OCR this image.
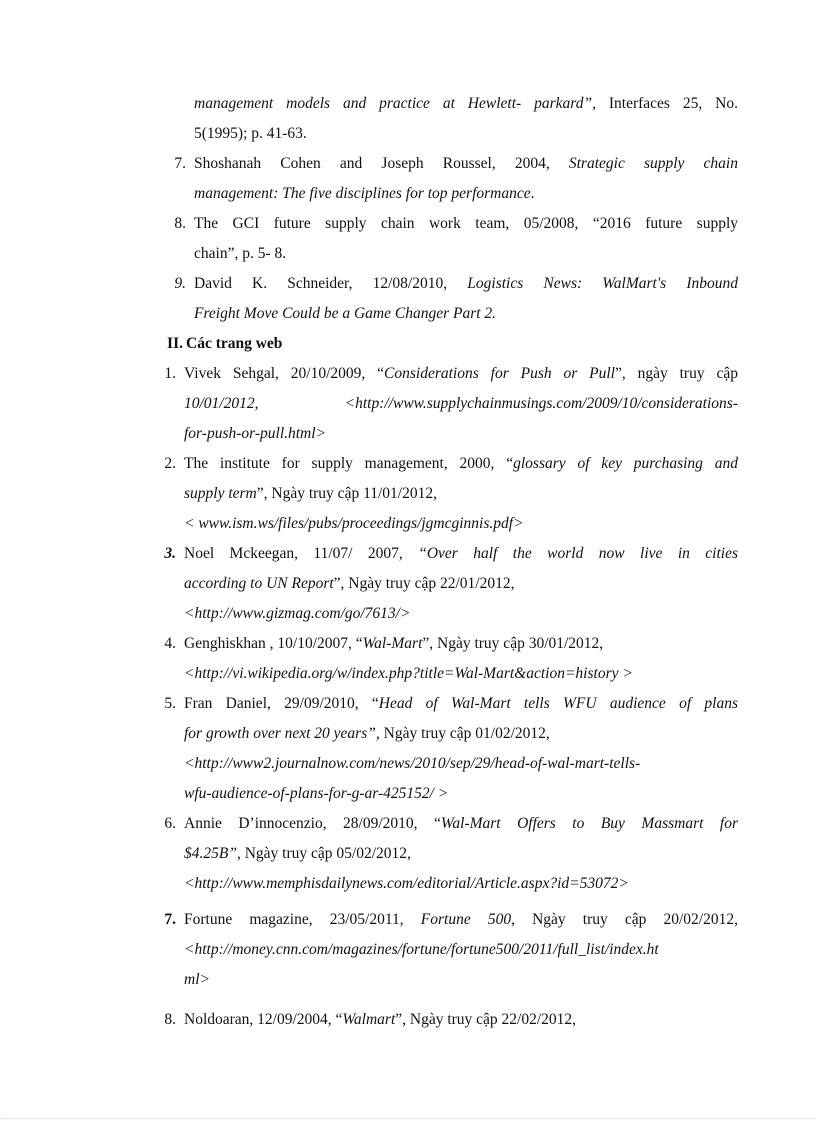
management models and practice at Hewlett- parkard”, Interfaces 25, No.
5(1995); p. 41-63.
7. Shoshanah Cohen and Joseph Roussel, 2004, Strategic supply chain
management: The five disciplines for top performance.
8. The GCI future supply chain work team, 05/2008, “2016 future supply
chain”, p. 5- 8.
9. David K. Schneider, 12/08/2010, Logistics News: WalMart's Inbound
Freight Move Could be a Game Changer Part 2.
II. Các trang web
1. Vivek Sehgal, 20/10/2009, “Considerations for Push or Pull”, ngày truy cập
10/01/2012, <http://www.supplychainmusings.com/2009/10/considerations-
for-push-or-pull.html>
2. The institute for supply management, 2000, “glossary of key purchasing and
supply term”, Ngày truy cập 11/01/2012,
< www.ism.ws/files/pubs/proceedings/jgmcginnis.pdf>
3. Noel Mckeegan, 11/07/ 2007, “Over half the world now live in cities
according to UN Report”, Ngày truy cập 22/01/2012,
<http://www.gizmag.com/go/7613/>
4. Genghiskhan , 10/10/2007, “Wal-Mart”, Ngày truy cập 30/01/2012,
<http://vi.wikipedia.org/w/index.php?title=Wal-Mart&action=history >
5. Fran Daniel, 29/09/2010, “Head of Wal-Mart tells WFU audience of plans
for growth over next 20 years”, Ngày truy cập 01/02/2012,
<http://www2.journalnow.com/news/2010/sep/29/head-of-wal-mart-tells-
wfu-audience-of-plans-for-g-ar-425152/ >
6. Annie D’innocenzio, 28/09/2010, “Wal-Mart Offers to Buy Massmart for
$4.25B”, Ngày truy cập 05/02/2012,
<http://www.memphisdailynews.com/editorial/Article.aspx?id=53072>
7. Fortune magazine, 23/05/2011, Fortune 500, Ngày truy cập 20/02/2012,
<http://money.cnn.com/magazines/fortune/fortune500/2011/full_list/index.ht
ml>
8. Noldoaran, 12/09/2004, “Walmart”, Ngày truy cập 22/02/2012,
